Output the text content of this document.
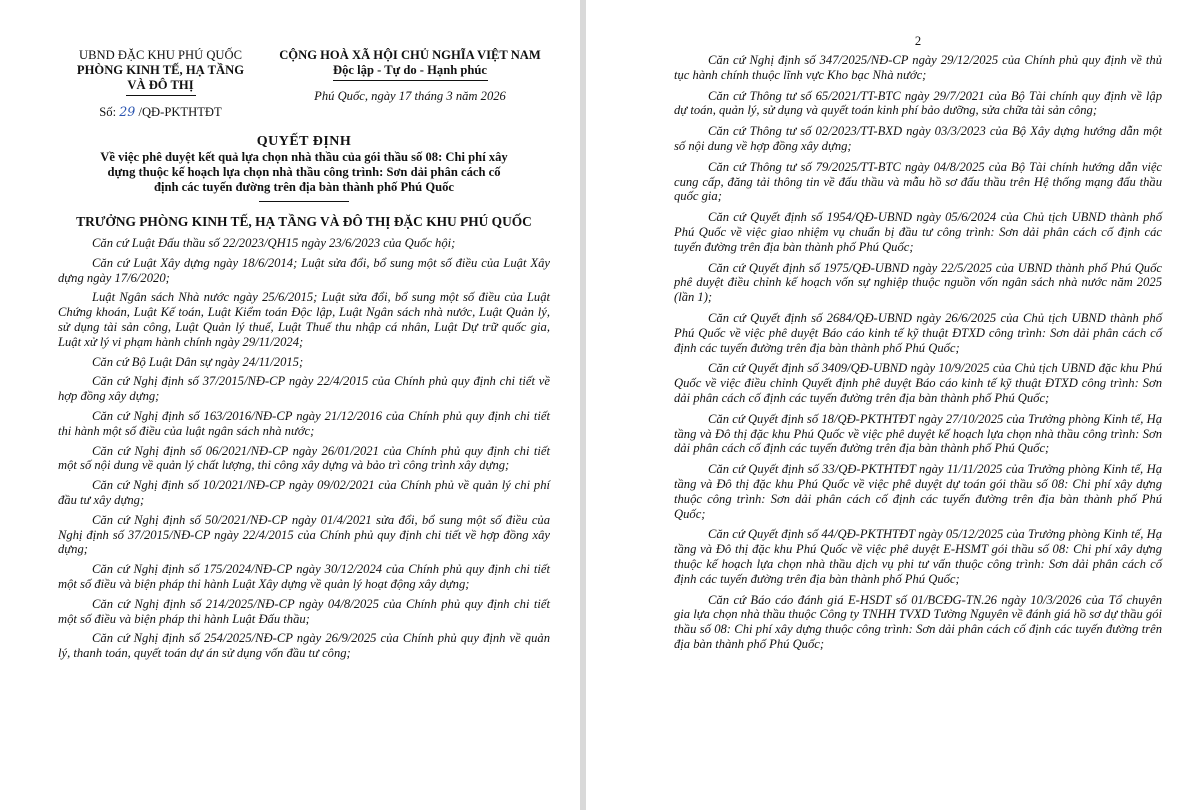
UBND ĐẶC KHU PHÚ QUỐC
PHÒNG KINH TẾ, HẠ TẦNG
VÀ ĐÔ THỊ
Số: 29 /QĐ-PKTHTĐT
CỘNG HOÀ XÃ HỘI CHỦ NGHĨA VIỆT NAM
Độc lập - Tự do - Hạnh phúc
Phú Quốc, ngày 17 tháng 3 năm 2026
QUYẾT ĐỊNH
Về việc phê duyệt kết quả lựa chọn nhà thầu của gói thầu số 08: Chi phí xây
dựng thuộc kế hoạch lựa chọn nhà thầu công trình: Sơn dải phân cách cố
định các tuyến đường trên địa bàn thành phố Phú Quốc
TRƯỞNG PHÒNG KINH TẾ, HẠ TẦNG VÀ ĐÔ THỊ ĐẶC KHU PHÚ QUỐC

Căn cứ Luật Đấu thầu số 22/2023/QH15 ngày 23/6/2023 của Quốc hội;

Căn cứ Luật Xây dựng ngày 18/6/2014; Luật sửa đổi, bổ sung một số điều của Luật Xây dựng ngày 17/6/2020;

Luật Ngân sách Nhà nước ngày 25/6/2015; Luật sửa đổi, bổ sung một số điều của Luật Chứng khoán, Luật Kế toán, Luật Kiểm toán Độc lập, Luật Ngân sách nhà nước, Luật Quản lý, sử dụng tài sản công, Luật Quản lý thuế, Luật Thuế thu nhập cá nhân, Luật Dự trữ quốc gia, Luật xử lý vi phạm hành chính ngày 29/11/2024;

Căn cứ Bộ Luật Dân sự ngày 24/11/2015;

Căn cứ Nghị định số 37/2015/NĐ-CP ngày 22/4/2015 của Chính phủ quy định chi tiết về hợp đồng xây dựng;

Căn cứ Nghị định số 163/2016/NĐ-CP ngày 21/12/2016 của Chính phủ quy định chi tiết thi hành một số điều của luật ngân sách nhà nước;

Căn cứ Nghị định số 06/2021/NĐ-CP ngày 26/01/2021 của Chính phủ quy định chi tiết một số nội dung về quản lý chất lượng, thi công xây dựng và bảo trì công trình xây dựng;

Căn cứ Nghị định số 10/2021/NĐ-CP ngày 09/02/2021 của Chính phủ về quản lý chi phí đầu tư xây dựng;

Căn cứ Nghị định số 50/2021/NĐ-CP ngày 01/4/2021 sửa đổi, bổ sung một số điều của Nghị định số 37/2015/NĐ-CP ngày 22/4/2015 của Chính phủ quy định chi tiết về hợp đồng xây dựng;

Căn cứ Nghị định số 175/2024/NĐ-CP ngày 30/12/2024 của Chính phủ quy định chi tiết một số điều và biện pháp thi hành Luật Xây dựng về quản lý hoạt động xây dựng;

Căn cứ Nghị định số 214/2025/NĐ-CP ngày 04/8/2025 của Chính phủ quy định chi tiết một số điều và biện pháp thi hành Luật Đấu thầu;

Căn cứ Nghị định số 254/2025/NĐ-CP ngày 26/9/2025 của Chính phủ quy định về quản lý, thanh toán, quyết toán dự án sử dụng vốn đầu tư công;

2

Căn cứ Nghị định số 347/2025/NĐ-CP ngày 29/12/2025 của Chính phủ quy định về thủ tục hành chính thuộc lĩnh vực Kho bạc Nhà nước;

Căn cứ Thông tư số 65/2021/TT-BTC ngày 29/7/2021 của Bộ Tài chính quy định về lập dự toán, quản lý, sử dụng và quyết toán kinh phí bảo dưỡng, sửa chữa tài sản công;

Căn cứ Thông tư số 02/2023/TT-BXD ngày 03/3/2023 của Bộ Xây dựng hướng dẫn một số nội dung về hợp đồng xây dựng;

Căn cứ Thông tư số 79/2025/TT-BTC ngày 04/8/2025 của Bộ Tài chính hướng dẫn việc cung cấp, đăng tải thông tin về đấu thầu và mẫu hồ sơ đấu thầu trên Hệ thống mạng đấu thầu quốc gia;

Căn cứ Quyết định số 1954/QĐ-UBND ngày 05/6/2024 của Chủ tịch UBND thành phố Phú Quốc về việc giao nhiệm vụ chuẩn bị đầu tư công trình: Sơn dải phân cách cố định các tuyến đường trên địa bàn thành phố Phú Quốc;

Căn cứ Quyết định số 1975/QĐ-UBND ngày 22/5/2025 của UBND thành phố Phú Quốc phê duyệt điều chỉnh kế hoạch vốn sự nghiệp thuộc nguồn vốn ngân sách nhà nước năm 2025 (lần 1);

Căn cứ Quyết định số 2684/QĐ-UBND ngày 26/6/2025 của Chủ tịch UBND thành phố Phú Quốc về việc phê duyệt Báo cáo kinh tế kỹ thuật ĐTXD công trình: Sơn dải phân cách cố định các tuyến đường trên địa bàn thành phố Phú Quốc;

Căn cứ Quyết định số 3409/QĐ-UBND ngày 10/9/2025 của Chủ tịch UBND đặc khu Phú Quốc về việc điều chỉnh Quyết định phê duyệt Báo cáo kinh tế kỹ thuật ĐTXD công trình: Sơn dải phân cách cố định các tuyến đường trên địa bàn thành phố Phú Quốc;

Căn cứ Quyết định số 18/QĐ-PKTHTĐT ngày 27/10/2025 của Trưởng phòng Kinh tế, Hạ tầng và Đô thị đặc khu Phú Quốc về việc phê duyệt kế hoạch lựa chọn nhà thầu công trình: Sơn dải phân cách cố định các tuyến đường trên địa bàn thành phố Phú Quốc;

Căn cứ Quyết định số 33/QĐ-PKTHTĐT ngày 11/11/2025 của Trưởng phòng Kinh tế, Hạ tầng và Đô thị đặc khu Phú Quốc về việc phê duyệt dự toán gói thầu số 08: Chi phí xây dựng thuộc công trình: Sơn dải phân cách cố định các tuyến đường trên địa bàn thành phố Phú Quốc;

Căn cứ Quyết định số 44/QĐ-PKTHTĐT ngày 05/12/2025 của Trưởng phòng Kinh tế, Hạ tầng và Đô thị đặc khu Phú Quốc về việc phê duyệt E-HSMT gói thầu số 08: Chi phí xây dựng thuộc kế hoạch lựa chọn nhà thầu dịch vụ phi tư vấn thuộc công trình: Sơn dải phân cách cố định các tuyến đường trên địa bàn thành phố Phú Quốc;

Căn cứ Báo cáo đánh giá E-HSDT số 01/BCĐG-TN.26 ngày 10/3/2026 của Tổ chuyên gia lựa chọn nhà thầu thuộc Công ty TNHH TVXD Tường Nguyên về đánh giá hồ sơ dự thầu gói thầu số 08: Chi phí xây dựng thuộc công trình: Sơn dải phân cách cố định các tuyến đường trên địa bàn thành phố Phú Quốc;
